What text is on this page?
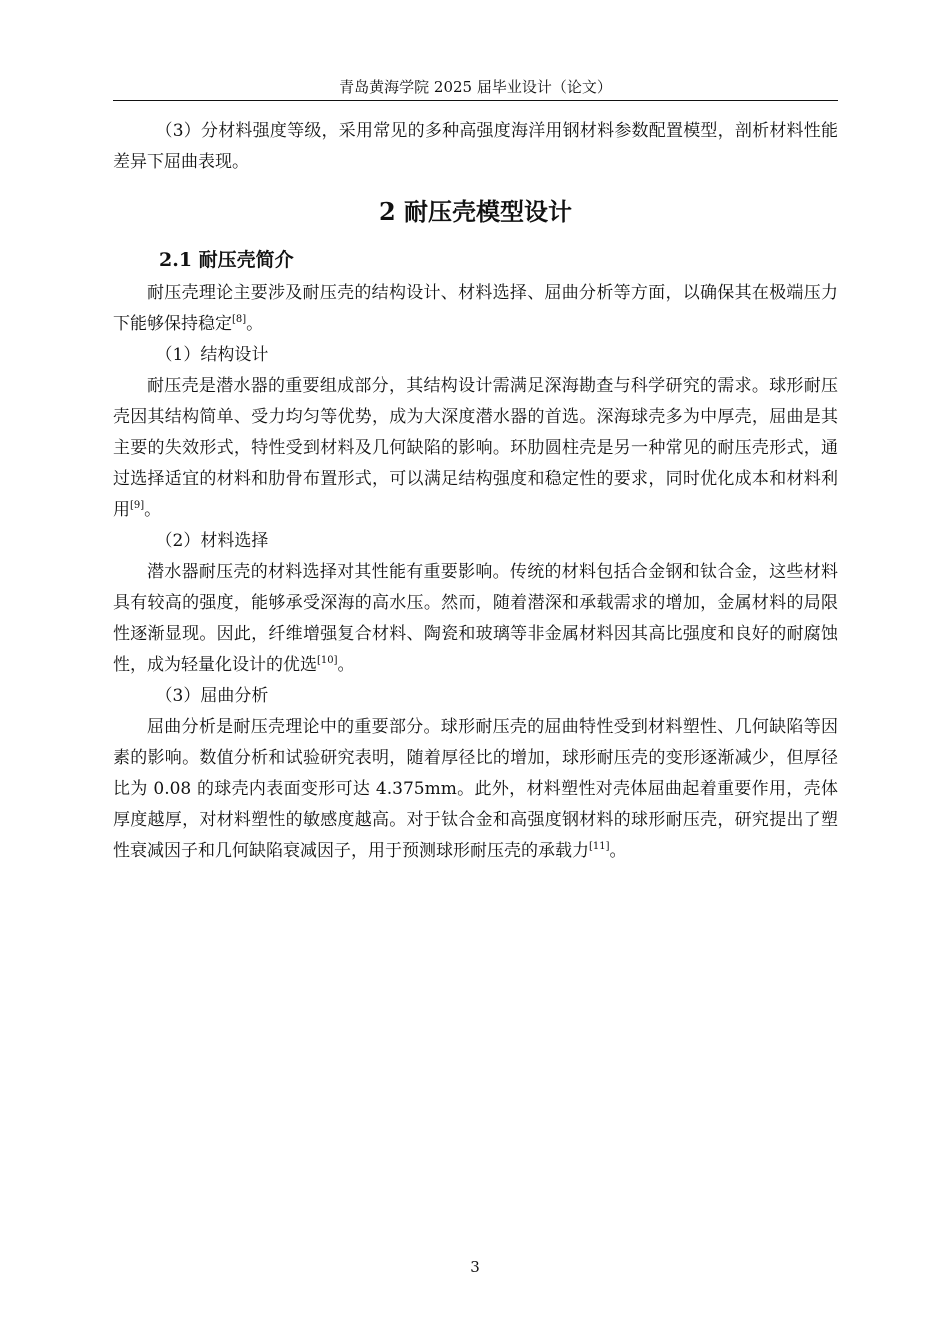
青岛黄海学院 2025 届毕业设计（论文）

（3）分材料强度等级，采用常见的多种高强度海洋用钢材料参数配置模型，剖析材料性能差异下屈曲表现。

2 耐压壳模型设计
2.1 耐压壳简介

耐压壳理论主要涉及耐压壳的结构设计、材料选择、屈曲分析等方面，以确保其在极端压力下能够保持稳定[8]。

（1）结构设计

耐压壳是潜水器的重要组成部分，其结构设计需满足深海勘查与科学研究的需求。球形耐压壳因其结构简单、受力均匀等优势，成为大深度潜水器的首选。深海球壳多为中厚壳，屈曲是其主要的失效形式，特性受到材料及几何缺陷的影响。环肋圆柱壳是另一种常见的耐压壳形式，通过选择适宜的材料和肋骨布置形式，可以满足结构强度和稳定性的要求，同时优化成本和材料利用[9]。

（2）材料选择

潜水器耐压壳的材料选择对其性能有重要影响。传统的材料包括合金钢和钛合金，这些材料具有较高的强度，能够承受深海的高水压。然而，随着潜深和承载需求的增加，金属材料的局限性逐渐显现。因此，纤维增强复合材料、陶瓷和玻璃等非金属材料因其高比强度和良好的耐腐蚀性，成为轻量化设计的优选[10]。

（3）屈曲分析

屈曲分析是耐压壳理论中的重要部分。球形耐压壳的屈曲特性受到材料塑性、几何缺陷等因素的影响。数值分析和试验研究表明，随着厚径比的增加，球形耐压壳的变形逐渐减少，但厚径比为 0.08 的球壳内表面变形可达 4.375mm。此外，材料塑性对壳体屈曲起着重要作用，壳体厚度越厚，对材料塑性的敏感度越高。对于钛合金和高强度钢材料的球形耐压壳，研究提出了塑性衰减因子和几何缺陷衰减因子，用于预测球形耐压壳的承载力[11]。

3
